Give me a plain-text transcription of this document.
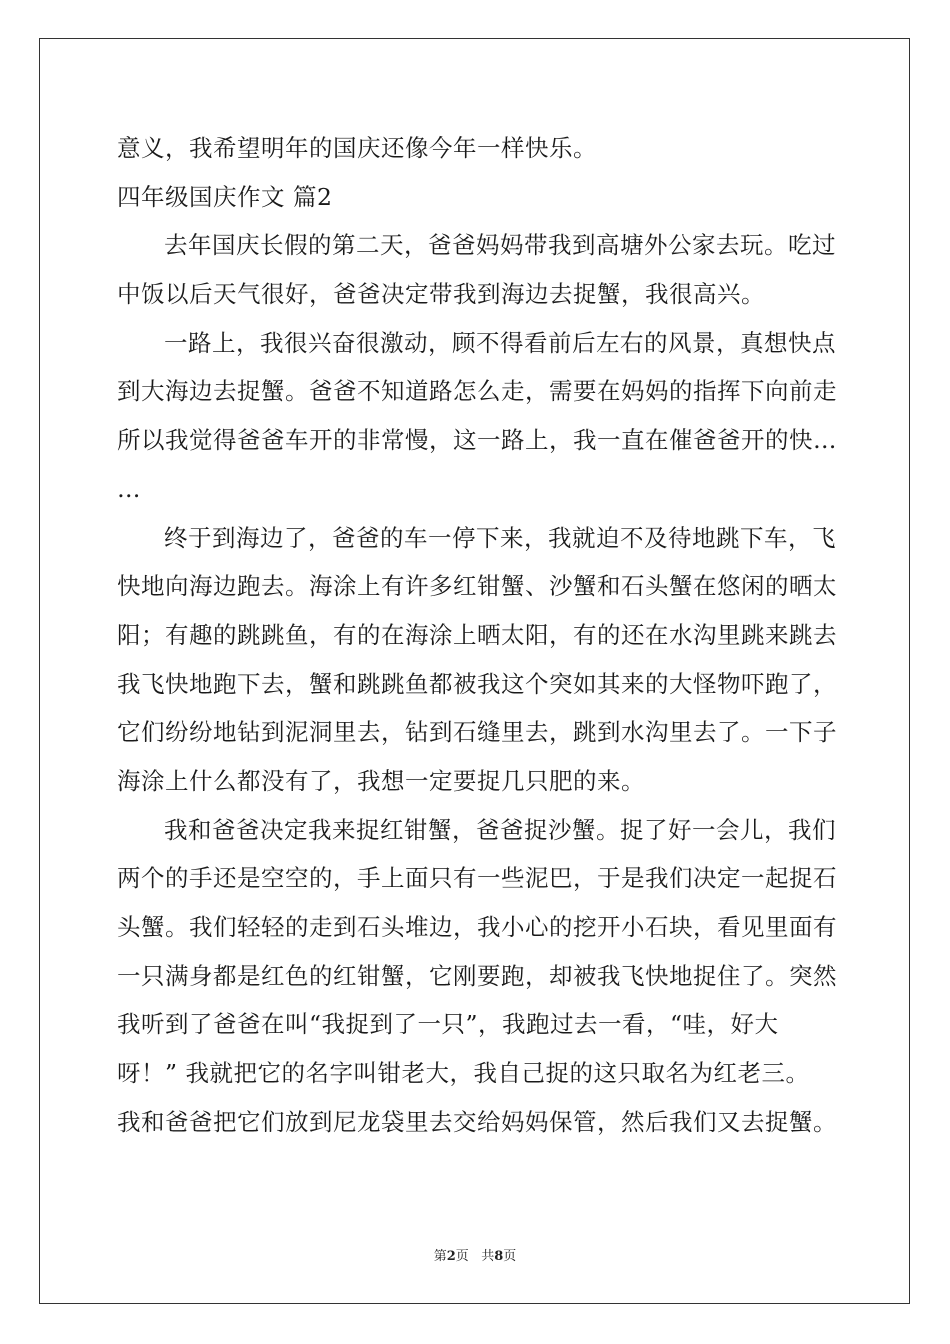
意义，我希望明年的国庆还像今年一样快乐。
四年级国庆作文 篇2
去年国庆长假的第二天，爸爸妈妈带我到高塘外公家去玩。吃过
中饭以后天气很好，爸爸决定带我到海边去捉蟹，我很高兴。
一路上，我很兴奋很激动，顾不得看前后左右的风景，真想快点
到大海边去捉蟹。爸爸不知道路怎么走，需要在妈妈的指挥下向前走
所以我觉得爸爸车开的非常慢，这一路上，我一直在催爸爸开的快…
…
终于到海边了，爸爸的车一停下来，我就迫不及待地跳下车，飞
快地向海边跑去。海涂上有许多红钳蟹、沙蟹和石头蟹在悠闲的晒太
阳；有趣的跳跳鱼，有的在海涂上晒太阳，有的还在水沟里跳来跳去
我飞快地跑下去，蟹和跳跳鱼都被我这个突如其来的大怪物吓跑了，
它们纷纷地钻到泥洞里去，钻到石缝里去，跳到水沟里去了。一下子
海涂上什么都没有了，我想一定要捉几只肥的来。
我和爸爸决定我来捉红钳蟹，爸爸捉沙蟹。捉了好一会儿，我们
两个的手还是空空的，手上面只有一些泥巴，于是我们决定一起捉石
头蟹。我们轻轻的走到石头堆边，我小心的挖开小石块，看见里面有
一只满身都是红色的红钳蟹，它刚要跑，却被我飞快地捉住了。突然
我听到了爸爸在叫“我捉到了一只”，我跑过去一看，“哇，好大
呀！” 我就把它的名字叫钳老大，我自己捉的这只取名为红老三。
我和爸爸把它们放到尼龙袋里去交给妈妈保管，然后我们又去捉蟹。
第2页 共8页
